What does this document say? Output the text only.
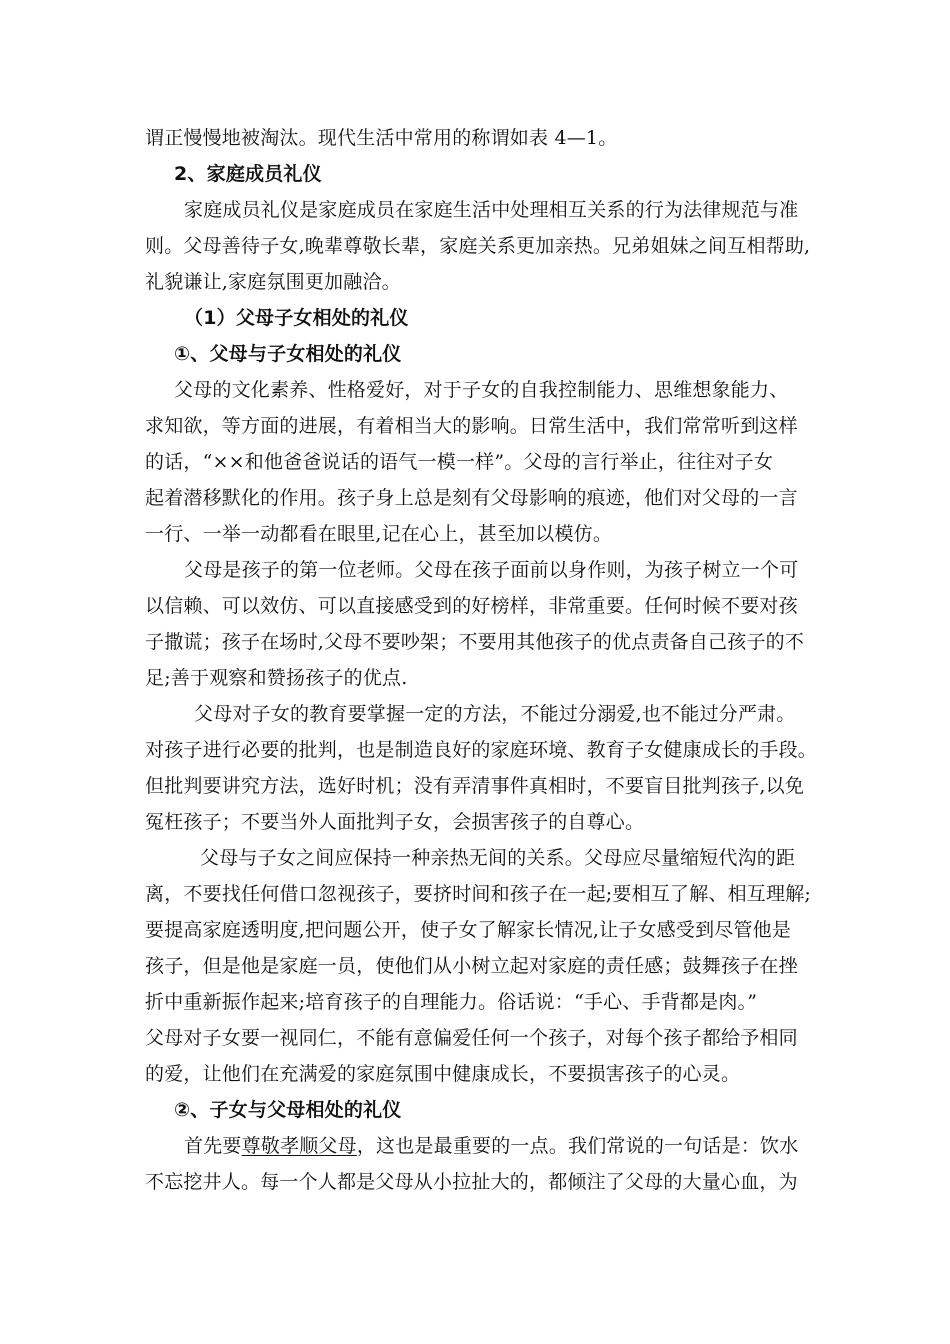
谓正慢慢地被淘汰。现代生活中常用的称谓如表 4—1。
2、家庭成员礼仪
家庭成员礼仪是家庭成员在家庭生活中处理相互关系的行为法律规范与准
则。父母善待子女,晚辈尊敬长辈，家庭关系更加亲热。兄弟姐妹之间互相帮助,
礼貌谦让,家庭氛围更加融洽。
（1）父母子女相处的礼仪
①、父母与子女相处的礼仪
父母的文化素养、性格爱好，对于子女的自我控制能力、思维想象能力、
求知欲，等方面的进展，有着相当大的影响。日常生活中，我们常常听到这样
的话，“××和他爸爸说话的语气一模一样”。父母的言行举止，往往对子女
起着潜移默化的作用。孩子身上总是刻有父母影响的痕迹，他们对父母的一言
一行、一举一动都看在眼里,记在心上，甚至加以模仿。
父母是孩子的第一位老师。父母在孩子面前以身作则，为孩子树立一个可
以信赖、可以效仿、可以直接感受到的好榜样，非常重要。任何时候不要对孩
子撒谎；孩子在场时,父母不要吵架；不要用其他孩子的优点责备自己孩子的不
足;善于观察和赞扬孩子的优点.
父母对子女的教育要掌握一定的方法，不能过分溺爱,也不能过分严肃。
对孩子进行必要的批判，也是制造良好的家庭环境、教育子女健康成长的手段。
但批判要讲究方法，选好时机；没有弄清事件真相时，不要盲目批判孩子,以免
冤枉孩子；不要当外人面批判子女，会损害孩子的自尊心。
父母与子女之间应保持一种亲热无间的关系。父母应尽量缩短代沟的距
离，不要找任何借口忽视孩子，要挤时间和孩子在一起;要相互了解、相互理解;
要提高家庭透明度,把问题公开，使子女了解家长情况,让子女感受到尽管他是
孩子，但是他是家庭一员，使他们从小树立起对家庭的责任感；鼓舞孩子在挫
折中重新振作起来;培育孩子的自理能力。俗话说：“手心、手背都是肉。”
父母对子女要一视同仁，不能有意偏爱任何一个孩子，对每个孩子都给予相同
的爱，让他们在充满爱的家庭氛围中健康成长，不要损害孩子的心灵。
②、子女与父母相处的礼仪
首先要尊敬孝顺父母，这也是最重要的一点。我们常说的一句话是：饮水
不忘挖井人。每一个人都是父母从小拉扯大的，都倾注了父母的大量心血，为
